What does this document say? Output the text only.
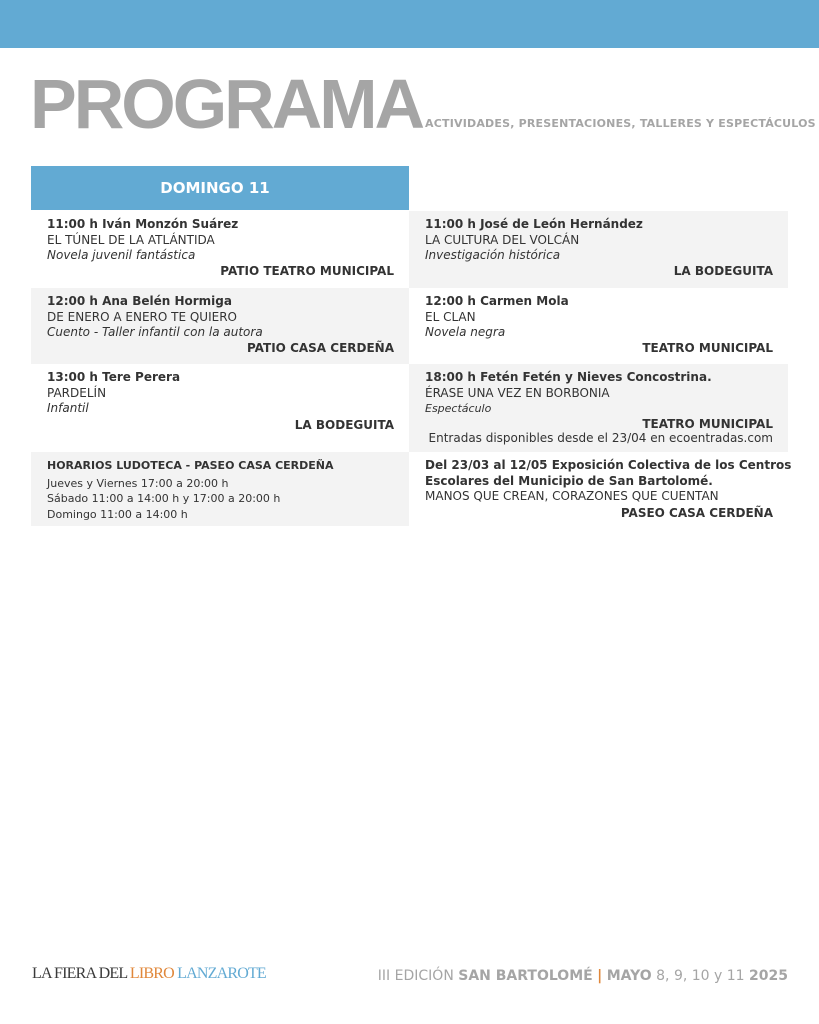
PROGRAMA ACTIVIDADES, PRESENTACIONES, TALLERES Y ESPECTÁCULOS
DOMINGO 11
11:00 h Iván Monzón Suárez
EL TÚNEL DE LA ATLÁNTIDA
Novela juvenil fantástica
PATIO TEATRO MUNICIPAL
11:00 h José de León Hernández
LA CULTURA DEL VOLCÁN
Investigación histórica
LA BODEGUITA
12:00 h Ana Belén Hormiga
DE ENERO A ENERO TE QUIERO
Cuento - Taller infantil con la autora
PATIO CASA CERDEÑA
12:00 h Carmen Mola
EL CLAN
Novela negra
TEATRO MUNICIPAL
13:00 h Tere Perera
PARDELÍN
Infantil
LA BODEGUITA
18:00 h Fetén Fetén y Nieves Concostrina.
ÉRASE UNA VEZ EN BORBONIA
Espectáculo
TEATRO MUNICIPAL
Entradas disponibles desde el 23/04 en ecoentradas.com
HORARIOS LUDOTECA - PASEO CASA CERDEÑA
Jueves y Viernes 17:00 a 20:00 h
Sábado 11:00 a 14:00 h y 17:00 a 20:00 h
Domingo 11:00 a 14:00 h
Del 23/03 al 12/05 Exposición Colectiva de los Centros
Escolares del Municipio de San Bartolomé.
MANOS QUE CREAN, CORAZONES QUE CUENTAN
PASEO CASA CERDEÑA
LA FIERA DEL LIBRO LANZAROTE	III EDICIÓN SAN BARTOLOMÉ | MAYO 8, 9, 10 y 11 2025
